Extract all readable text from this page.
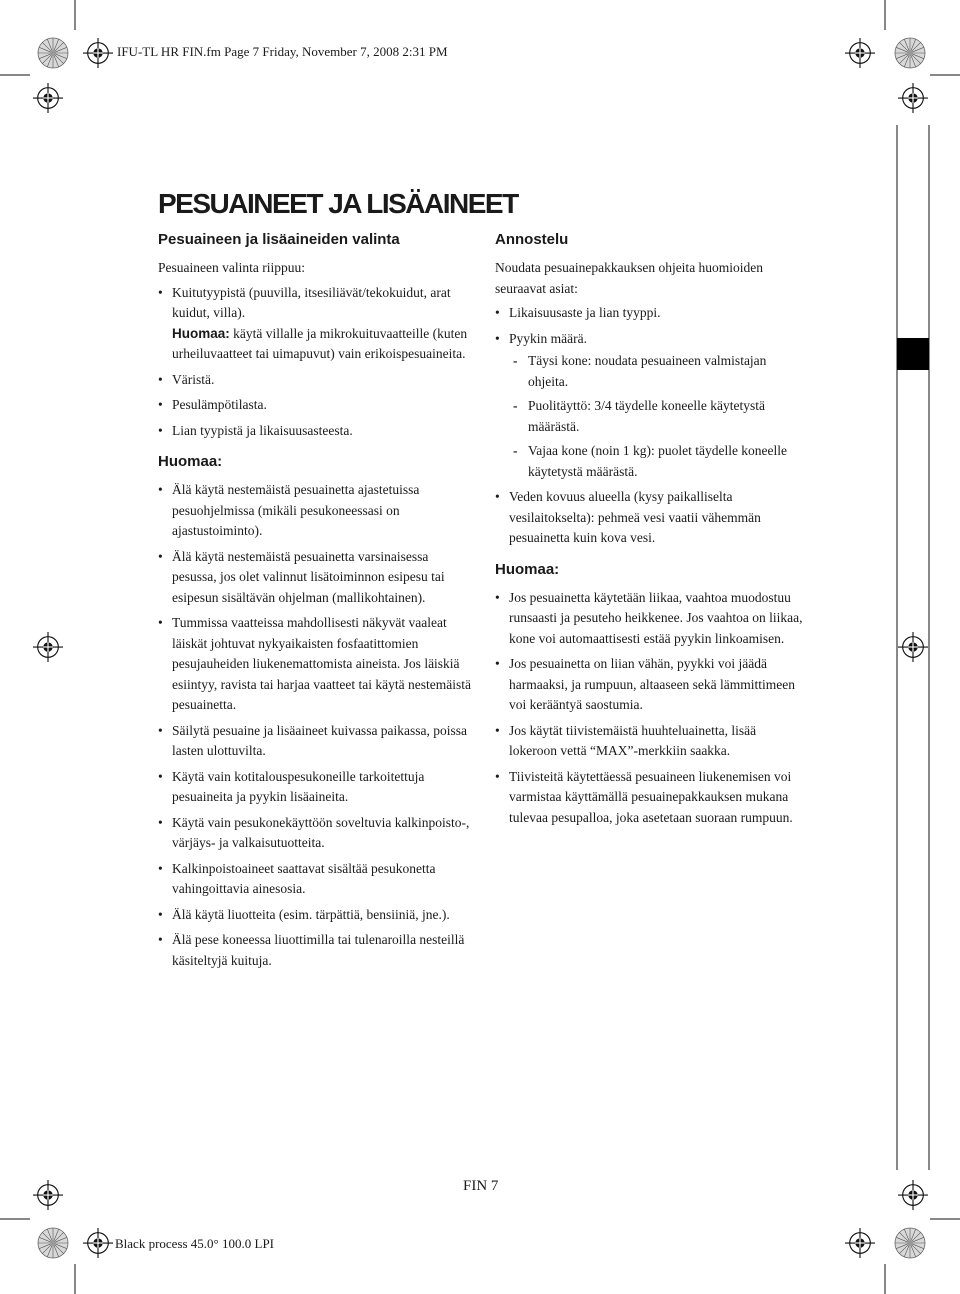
IFU-TL HR FIN.fm Page 7 Friday, November 7, 2008 2:31 PM
PESUAINEET JA LISÄAINEET
Pesuaineen ja lisäaineiden valinta
Pesuaineen valinta riippuu:
• Kuitutyypistä (puuvilla, itsesiliävät/tekokuidut, arat kuidut, villa).
Huomaa: käytä villalle ja mikrokuituvaatteille (kuten urheiluvaatteet tai uimapuvut) vain erikoispesuaineita.
• Väristä.
• Pesulämpötilasta.
• Lian tyypistä ja likaisuusasteesta.
Huomaa:
• Älä käytä nestemäistä pesuainetta ajastetuissa pesuohjelmissa (mikäli pesukoneessasi on ajastustoiminto).
• Älä käytä nestemäistä pesuainetta varsinaisessa pesussa, jos olet valinnut lisätoiminnon esipesu tai esipesun sisältävän ohjelman (mallikohtainen).
• Tummissa vaatteissa mahdollisesti näkyvät vaaleat läiskät johtuvat nykyaikaisten fosfaatittomien pesujauheiden liukenemattomista aineista. Jos läiskiä esiintyy, ravista tai harjaa vaatteet tai käytä nestemäistä pesuainetta.
• Säilytä pesuaine ja lisäaineet kuivassa paikassa, poissa lasten ulottuvilta.
• Käytä vain kotitalouspesukoneille tarkoitettuja pesuaineita ja pyykin lisäaineita.
• Käytä vain pesukonekäyttöön soveltuvia kalkinpoisto-, värjäys- ja valkaisutuotteita.
• Kalkinpoistoaineet saattavat sisältää pesukonetta vahingoittavia ainesosia.
• Älä käytä liuotteita (esim. tärpättiä, bensiiniä, jne.).
• Älä pese koneessa liuottimilla tai tulenaroilla nesteillä käsiteltyjä kuituja.
Annostelu
Noudata pesuainepakkauksen ohjeita huomioiden seuraavat asiat:
• Likaisuusaste ja lian tyyppi.
• Pyykin määrä.
- Täysi kone: noudata pesuaineen valmistajan ohjeita.
- Puolitäyttö: 3/4 täydelle koneelle käytetystä määrästä.
- Vajaa kone (noin 1 kg): puolet täydelle koneelle käytetystä määrästä.
• Veden kovuus alueella (kysy paikalliselta vesilaitokselta): pehmeä vesi vaatii vähemmän pesuainetta kuin kova vesi.
Huomaa:
• Jos pesuainetta käytetään liikaa, vaahtoa muodostuu runsaasti ja pesuteho heikkenee. Jos vaahtoa on liikaa, kone voi automaattisesti estää pyykin linkoamisen.
• Jos pesuainetta on liian vähän, pyykki voi jäädä harmaaksi, ja rumpuun, altaaseen sekä lämmittimeen voi kerääntyä saostumia.
• Jos käytät tiivistemäistä huuhteluainetta, lisää lokeroon vettä “MAX”-merkkiin saakka.
• Tiivisteitä käytettäessä pesuaineen liukenemisen voi varmistaa käyttämällä pesuainepakkauksen mukana tulevaa pesupalloa, joka asetetaan suoraan rumpuun.
FIN 7
Black process 45.0° 100.0 LPI
